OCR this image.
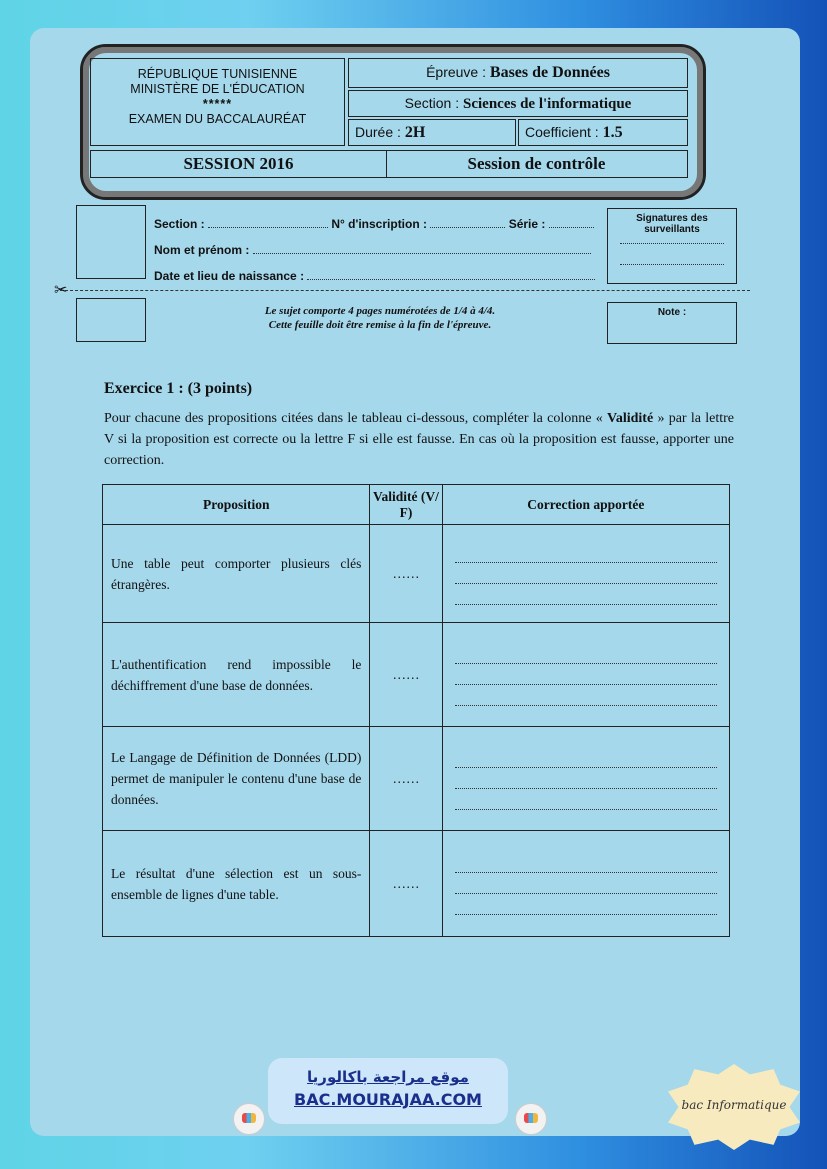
RÉPUBLIQUE TUNISIENNE
MINISTÈRE DE L'ÉDUCATION
*****
EXAMEN DU BACCALAURÉAT
Épreuve : Bases de Données
Section : Sciences de l'informatique
Durée : 2H	Coefficient : 1.5
SESSION 2016	Session de contrôle
Section :	N° d'inscription :	Série :
Nom et prénom :
Date et lieu de naissance :
Signatures des surveillants
✂
Le sujet comporte 4 pages numérotées de 1/4 à 4/4.
Cette feuille doit être remise à la fin de l'épreuve.
Note :
Exercice 1 : (3 points)
Pour chacune des propositions citées dans le tableau ci-dessous, compléter la colonne « Validité » par la lettre V si la proposition est correcte ou la lettre F si elle est fausse. En cas où la proposition est fausse, apporter une correction.
Proposition	Validité (V/ F)	Correction apportée
Une table peut comporter plusieurs clés étrangères.	……	

L'authentification rend impossible le déchiffrement d'une base de données.	……	

Le Langage de Définition de Données (LDD) permet de manipuler le contenu d'une base de données.	……	

Le résultat d'une sélection est un sous-ensemble de lignes d'une table.	……	
موقع مراجعة باكالوريا
BAC.MOURAJAA.COM	bac Informatique
